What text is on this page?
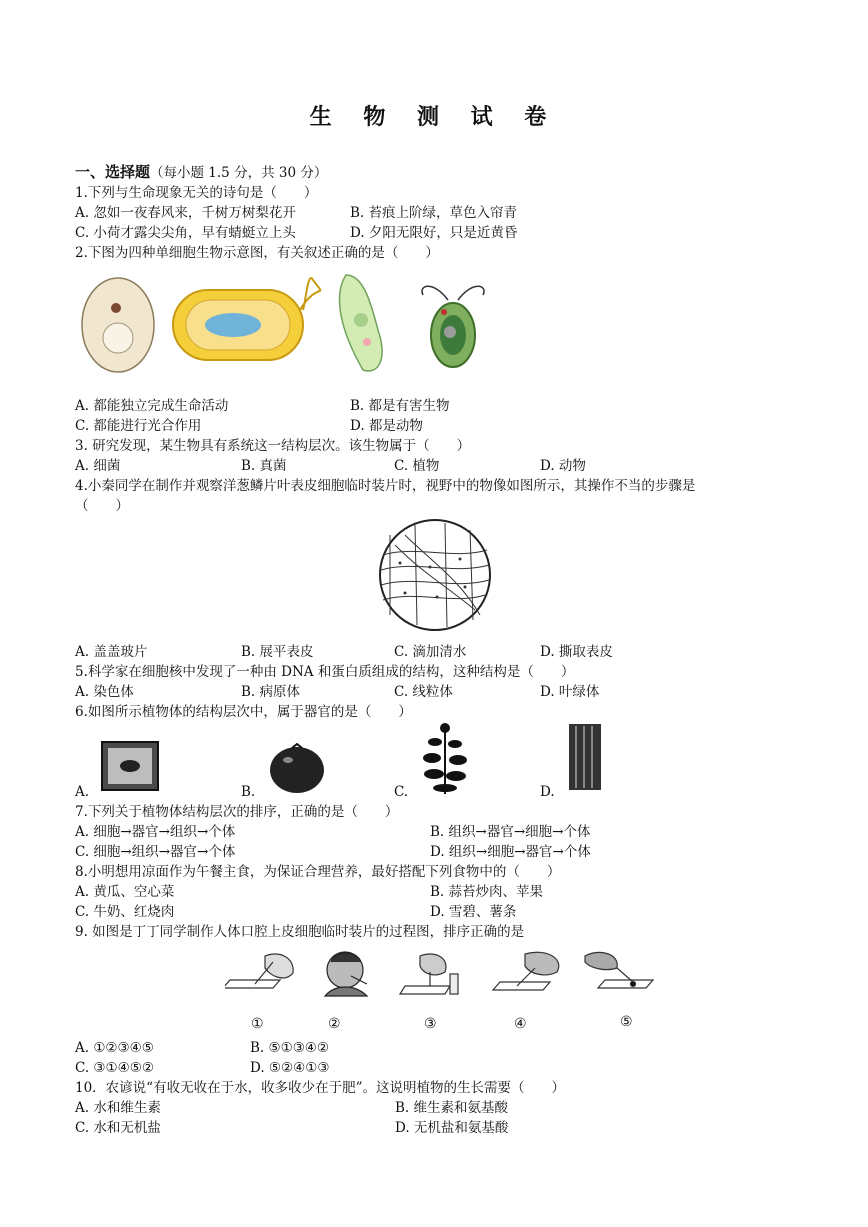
生 物 测 试 卷
一、选择题（每小题 1.5 分，共 30 分）
1.下列与生命现象无关的诗句是（　　）
A. 忽如一夜春风来，千树万树梨花开	B. 苔痕上阶绿，草色入帘青
C. 小荷才露尖尖角，早有蜻蜓立上头	D. 夕阳无限好，只是近黄昏
2.下图为四种单细胞生物示意图，有关叙述正确的是（　　）
A. 都能独立完成生命活动	B. 都是有害生物
C. 都能进行光合作用	D. 都是动物
3. 研究发现，某生物具有系统这一结构层次。该生物属于（　　）
A. 细菌	B. 真菌	C. 植物	D. 动物
4.小秦同学在制作并观察洋葱鳞片叶表皮细胞临时装片时，视野中的物像如图所示，其操作不当的步骤是
（　　）
A. 盖盖玻片	B. 展平表皮	C. 滴加清水	D. 撕取表皮
5.科学家在细胞核中发现了一种由 DNA 和蛋白质组成的结构，这种结构是（　　）
A. 染色体	B. 病原体	C. 线粒体	D. 叶绿体
6.如图所示植物体的结构层次中，属于器官的是（　　）
A.	B.	C.	D.
7.下列关于植物体结构层次的排序，正确的是（　　）
A. 细胞→器官→组织→个体	B. 组织→器官→细胞→个体
C. 细胞→组织→器官→个体	D. 组织→细胞→器官→个体
8.小明想用凉面作为午餐主食，为保证合理营养，最好搭配下列食物中的（　　）
A. 黄瓜、空心菜	B. 蒜苔炒肉、苹果
C. 牛奶、红烧肉	D. 雪碧、薯条
9. 如图是丁丁同学制作人体口腔上皮细胞临时装片的过程图，排序正确的是
①	②	③	④	⑤
A. ①②③④⑤	B. ⑤①③④②
C. ③①④⑤②	D. ⑤②④①③
10．农谚说“有收无收在于水，收多收少在于肥”。这说明植物的生长需要（　　）
A. 水和维生素	B. 维生素和氨基酸
C. 水和无机盐	D. 无机盐和氨基酸
